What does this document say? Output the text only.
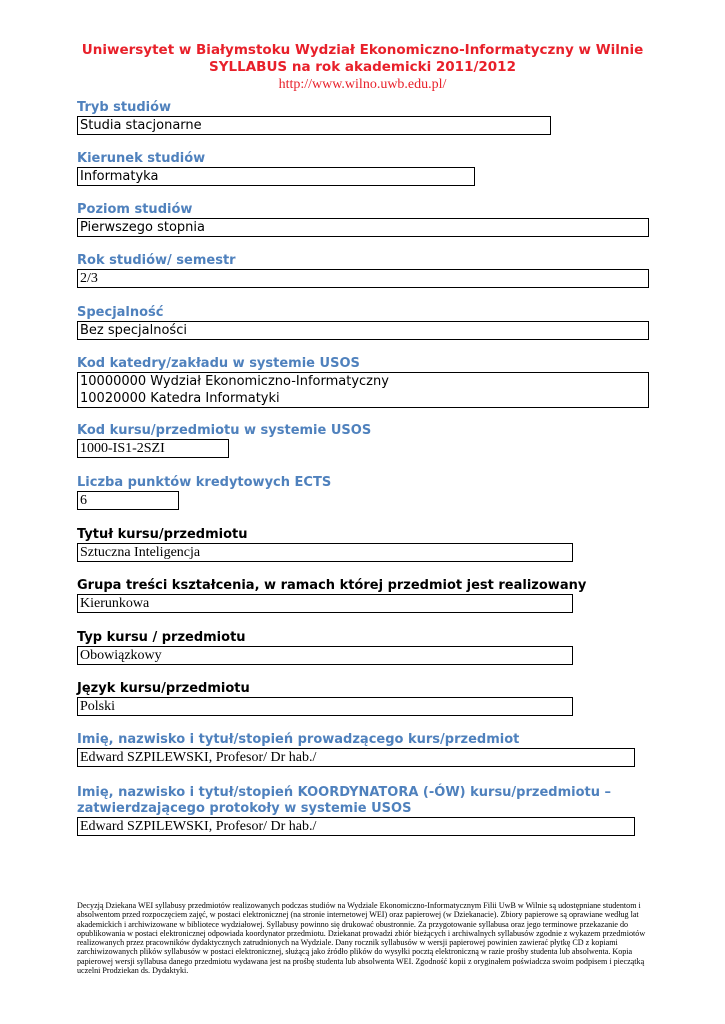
Uniwersytet w Białymstoku Wydział Ekonomiczno-Informatyczny w Wilnie
SYLLABUS na rok akademicki 2011/2012
http://www.wilno.uwb.edu.pl/
Tryb studiów
Studia stacjonarne
Kierunek studiów
Informatyka
Poziom studiów
Pierwszego stopnia
Rok studiów/ semestr
2/3
Specjalność
Bez specjalności
Kod katedry/zakładu w systemie USOS
10000000 Wydział Ekonomiczno-Informatyczny
10020000 Katedra Informatyki
Kod kursu/przedmiotu w systemie USOS
1000-IS1-2SZI
Liczba punktów kredytowych ECTS
6
Tytuł kursu/przedmiotu
Sztuczna Inteligencja
Grupa treści kształcenia, w ramach której przedmiot jest realizowany
Kierunkowa
Typ kursu / przedmiotu
Obowiązkowy
Język kursu/przedmiotu
Polski
Imię, nazwisko i tytuł/stopień prowadzącego kurs/przedmiot
Edward SZPILEWSKI, Profesor/ Dr hab./
Imię, nazwisko i tytuł/stopień KOORDYNATORA (-ÓW) kursu/przedmiotu –
zatwierdzającego protokoły w systemie USOS
Edward SZPILEWSKI, Profesor/ Dr hab./
Decyzją Dziekana WEI syllabusy przedmiotów realizowanych podczas studiów na Wydziale Ekonomiczno-Informatycznym Filii UwB w Wilnie są udostępniane studentom i absolwentom przed rozpoczęciem zajęć, w postaci elektronicznej (na stronie internetowej WEI) oraz papierowej (w Dziekanacie). Zbiory papierowe są oprawiane według lat akademickich i archiwizowane w bibliotece wydziałowej. Syllabusy powinno się drukować obustronnie. Za przygotowanie syllabusa oraz jego terminowe przekazanie do opublikowania w postaci elektronicznej odpowiada koordynator przedmiotu. Dziekanat prowadzi zbiór bieżących i archiwalnych syllabusów zgodnie z wykazem przedmiotów realizowanych przez pracowników dydaktycznych zatrudnionych na Wydziale. Dany rocznik syllabusów w wersji papierowej powinien zawierać płytkę CD z kopiami zarchiwizowanych plików syllabusów w postaci elektronicznej, służącą jako źródło plików do wysyłki pocztą elektroniczną w razie prośby studenta lub absolwenta. Kopia papierowej wersji syllabusa danego przedmiotu wydawana jest na prośbę studenta lub absolwenta WEI. Zgodność kopii z oryginałem poświadcza swoim podpisem i pieczątką uczelni Prodziekan ds. Dydaktyki.
